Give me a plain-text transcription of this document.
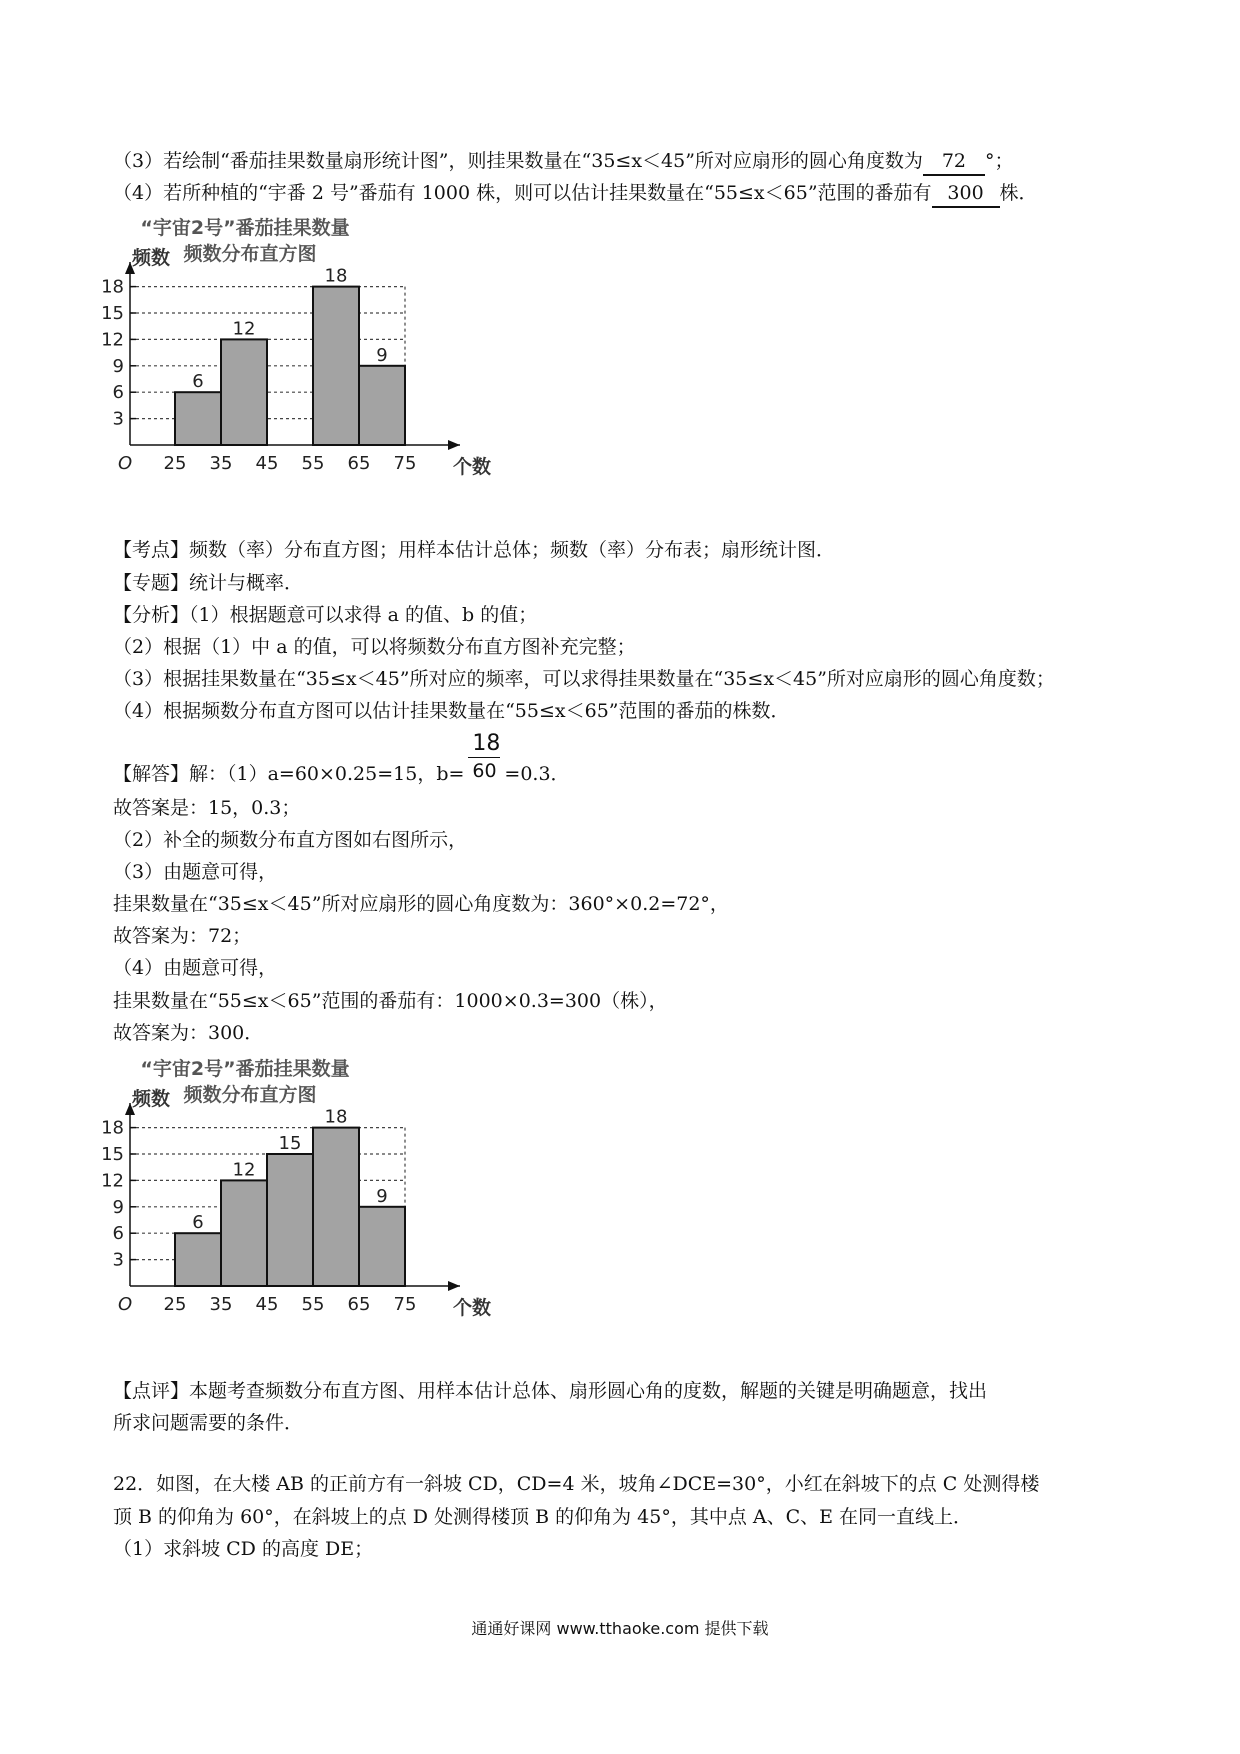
（3）若绘制“番茄挂果数量扇形统计图”，则挂果数量在“35≤x＜45”所对应扇形的圆心角度数为 72 °；
（4）若所种植的“宇番 2 号”番茄有 1000 株，则可以估计挂果数量在“55≤x＜65”范围的番茄有 300 株．
“宇宙2号”番茄挂果数量
频数分布直方图
6
12
18
9
3
6
9
12
15
18
25 35 45 55 65 75
频数
个数
O
【考点】频数（率）分布直方图；用样本估计总体；频数（率）分布表；扇形统计图．
【专题】统计与概率．
【分析】（1）根据题意可以求得 a 的值、b 的值；
（2）根据（1）中 a 的值，可以将频数分布直方图补充完整；
（3）根据挂果数量在“35≤x＜45”所对应的频率，可以求得挂果数量在“35≤x＜45”所对应扇形的圆心角度数；
（4）根据频数分布直方图可以估计挂果数量在“55≤x＜65”范围的番茄的株数．
【解答】解：（1）a=60×0.25=15，$b= \frac{18}{60} =0.3$．
故答案是：15，0.3；
（2）补全的频数分布直方图如右图所示，
（3）由题意可得，
挂果数量在“35≤x＜45”所对应扇形的圆心角度数为：360°×0.2=72°，
故答案为：72；
（4）由题意可得，
挂果数量在“55≤x＜65”范围的番茄有：1000×0.3=300（株），
故答案为：300．
“宇宙2号”番茄挂果数量
频数分布直方图
6
12
15
18
9
3
6
9
12
15
18
25 35 45 55 65 75
频数
个数
O
【点评】本题考查频数分布直方图、用样本估计总体、扇形圆心角的度数，解题的关键是明确题意，找出
所求问题需要的条件．
22．如图，在大楼 AB 的正前方有一斜坡 CD，CD=4 米，坡角∠DCE=30°，小红在斜坡下的点 C 处测得楼
顶 B 的仰角为 60°，在斜坡上的点 D 处测得楼顶 B 的仰角为 45°，其中点 A、C、E 在同一直线上．
（1）求斜坡 CD 的高度 DE；
通通好课网 www.tthaoke.com 提供下载
